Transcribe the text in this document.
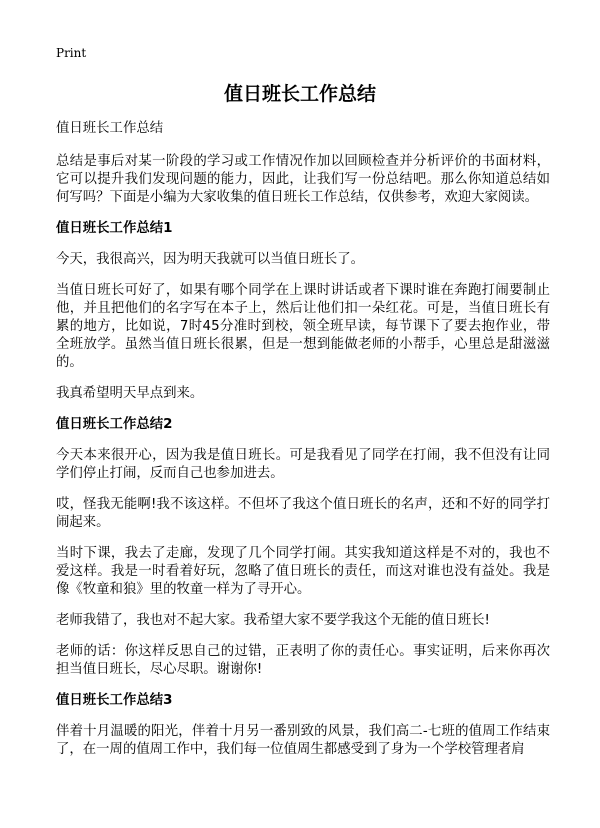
Print
值日班长工作总结

值日班长工作总结

总结是事后对某一阶段的学习或工作情况作加以回顾检查并分析评价的书面材料，它可以提升我们发现问题的能力，因此，让我们写一份总结吧。那么你知道总结如何写吗？下面是小编为大家收集的值日班长工作总结，仅供参考，欢迎大家阅读。

值日班长工作总结1

今天，我很高兴，因为明天我就可以当值日班长了。

当值日班长可好了，如果有哪个同学在上课时讲话或者下课时谁在奔跑打闹要制止他，并且把他们的名字写在本子上，然后让他们扣一朵红花。可是，当值日班长有累的地方，比如说，7时45分准时到校，领全班早读，每节课下了要去抱作业，带全班放学。虽然当值日班长很累，但是一想到能做老师的小帮手，心里总是甜滋滋的。

我真希望明天早点到来。

值日班长工作总结2

今天本来很开心，因为我是值日班长。可是我看见了同学在打闹，我不但没有让同学们停止打闹，反而自己也参加进去。

哎，怪我无能啊!我不该这样。不但坏了我这个值日班长的名声，还和不好的同学打闹起来。

当时下课，我去了走廊，发现了几个同学打闹。其实我知道这样是不对的，我也不爱这样。我是一时看着好玩，忽略了值日班长的责任，而这对谁也没有益处。我是像《牧童和狼》里的牧童一样为了寻开心。

老师我错了，我也对不起大家。我希望大家不要学我这个无能的值日班长!

老师的话：你这样反思自己的过错，正表明了你的责任心。事实证明，后来你再次担当值日班长，尽心尽职。谢谢你!

值日班长工作总结3

伴着十月温暖的阳光，伴着十月另一番别致的风景，我们高二-七班的值周工作结束了，在一周的值周工作中，我们每一位值周生都感受到了身为一个学校管理者肩
